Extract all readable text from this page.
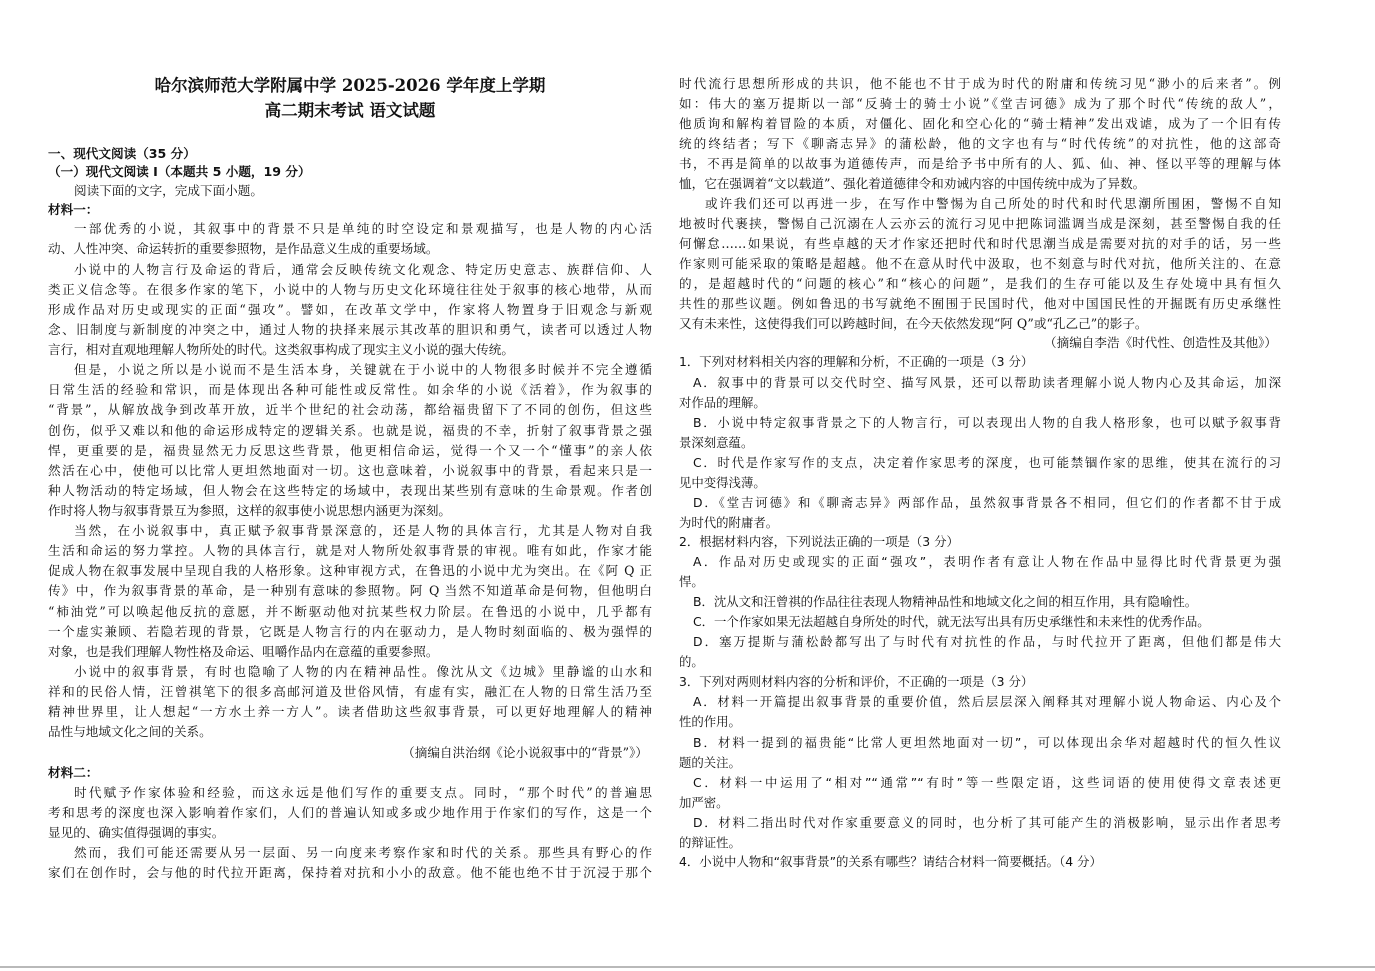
哈尔滨师范大学附属中学 2025-2026 学年度上学期
高二期末考试 语文试题
一、现代文阅读（35 分）
（一）现代文阅读 I（本题共 5 小题，19 分）
阅读下面的文字，完成下面小题。
材料一：
一部优秀的小说，其叙事中的背景不只是单纯的时空设定和景观描写，也是人物的内心活
动、人性冲突、命运转折的重要参照物，是作品意义生成的重要场域。
小说中的人物言行及命运的背后，通常会反映传统文化观念、特定历史意志、族群信仰、人
类正义信念等。在很多作家的笔下，小说中的人物与历史文化环境往往处于叙事的核心地带，从而
形成作品对历史或现实的正面“强攻”。譬如，在改革文学中，作家将人物置身于旧观念与新观
念、旧制度与新制度的冲突之中，通过人物的抉择来展示其改革的胆识和勇气，读者可以透过人物
言行，相对直观地理解人物所处的时代。这类叙事构成了现实主义小说的强大传统。
但是，小说之所以是小说而不是生活本身，关键就在于小说中的人物很多时候并不完全遵循
日常生活的经验和常识，而是体现出各种可能性或反常性。如余华的小说《活着》，作为叙事的
“背景”，从解放战争到改革开放，近半个世纪的社会动荡，都给福贵留下了不同的创伤，但这些
创伤，似乎又难以和他的命运形成特定的逻辑关系。也就是说，福贵的不幸，折射了叙事背景之强
悍，更重要的是，福贵显然无力反思这些背景，他更相信命运，觉得一个又一个“懂事”的亲人依
然活在心中，使他可以比常人更坦然地面对一切。这也意味着，小说叙事中的背景，看起来只是一
种人物活动的特定场域，但人物会在这些特定的场域中，表现出某些别有意味的生命景观。作者创
作时将人物与叙事背景互为参照，这样的叙事使小说思想内涵更为深刻。
当然，在小说叙事中，真正赋予叙事背景深意的，还是人物的具体言行，尤其是人物对自我
生活和命运的努力掌控。人物的具体言行，就是对人物所处叙事背景的审视。唯有如此，作家才能
促成人物在叙事发展中呈现自我的人格形象。这种审视方式，在鲁迅的小说中尤为突出。在《阿 Q 正
传》中，作为叙事背景的革命，是一种别有意味的参照物。阿 Q 当然不知道革命是何物，但他明白
“柿油党”可以唤起他反抗的意愿，并不断驱动他对抗某些权力阶层。在鲁迅的小说中，几乎都有
一个虚实兼顾、若隐若现的背景，它既是人物言行的内在驱动力，是人物时刻面临的、极为强悍的
对象，也是我们理解人物性格及命运、咀嚼作品内在意蕴的重要参照。
小说中的叙事背景，有时也隐喻了人物的内在精神品性。像沈从文《边城》里静谧的山水和
祥和的民俗人情，汪曾祺笔下的很多高邮河道及世俗风情，有虚有实，融汇在人物的日常生活乃至
精神世界里，让人想起“一方水土养一方人”。读者借助这些叙事背景，可以更好地理解人的精神
品性与地域文化之间的关系。
（摘编自洪治纲《论小说叙事中的“背景”》）
材料二：
时代赋予作家体验和经验，而这永远是他们写作的重要支点。同时，“那个时代”的普遍思
考和思考的深度也深入影响着作家们，人们的普遍认知或多或少地作用于作家们的写作，这是一个
显见的、确实值得强调的事实。
然而，我们可能还需要从另一层面、另一向度来考察作家和时代的关系。那些具有野心的作
家们在创作时，会与他的时代拉开距离，保持着对抗和小小的敌意。他不能也绝不甘于沉浸于那个
时代流行思想所形成的共识，他不能也不甘于成为时代的附庸和传统习见“渺小的后来者”。例
如：伟大的塞万提斯以一部“反骑士的骑士小说”《堂吉诃德》成为了那个时代“传统的敌人”，
他质询和解构着冒险的本质，对僵化、固化和空心化的“骑士精神”发出戏谑，成为了一个旧有传
统的终结者；写下《聊斋志异》的蒲松龄，他的文字也有与“时代传统”的对抗性，他的这部奇
书，不再是简单的以故事为道德传声，而是给予书中所有的人、狐、仙、神、怪以平等的理解与体
恤，它在强调着“文以载道”、强化着道德律令和劝诫内容的中国传统中成为了异数。
或许我们还可以再进一步，在写作中警惕为自己所处的时代和时代思潮所围困，警惕不自知
地被时代裹挟，警惕自己沉溺在人云亦云的流行习见中把陈词滥调当成是深刻，甚至警惕自我的任
何懈怠……如果说，有些卓越的天才作家还把时代和时代思潮当成是需要对抗的对手的话，另一些
作家则可能采取的策略是超越。他不在意从时代中汲取，也不刻意与时代对抗，他所关注的、在意
的，是超越时代的“问题的核心”和“核心的问题”，是我们的生存可能以及生存处境中具有恒久
共性的那些议题。例如鲁迅的书写就绝不囿围于民国时代，他对中国国民性的开掘既有历史承继性
又有未来性，这使得我们可以跨越时间，在今天依然发现“阿 Q”或“孔乙己”的影子。
（摘编自李浩《时代性、创造性及其他》）
1．下列对材料相关内容的理解和分析，不正确的一项是（3 分）
A．叙事中的背景可以交代时空、描写风景，还可以帮助读者理解小说人物内心及其命运，加深
对作品的理解。
B．小说中特定叙事背景之下的人物言行，可以表现出人物的自我人格形象，也可以赋予叙事背
景深刻意蕴。
C．时代是作家写作的支点，决定着作家思考的深度，也可能禁锢作家的思维，使其在流行的习
见中变得浅薄。
D．《堂吉诃德》和《聊斋志异》两部作品，虽然叙事背景各不相同，但它们的作者都不甘于成
为时代的附庸者。
2．根据材料内容，下列说法正确的一项是（3 分）
A．作品对历史或现实的正面“强攻”，表明作者有意让人物在作品中显得比时代背景更为强
悍。
B．沈从文和汪曾祺的作品往往表现人物精神品性和地域文化之间的相互作用，具有隐喻性。
C．一个作家如果无法超越自身所处的时代，就无法写出具有历史承继性和未来性的优秀作品。
D．塞万提斯与蒲松龄都写出了与时代有对抗性的作品，与时代拉开了距离，但他们都是伟大
的。
3．下列对两则材料内容的分析和评价，不正确的一项是（3 分）
A．材料一开篇提出叙事背景的重要价值，然后层层深入阐释其对理解小说人物命运、内心及个
性的作用。
B．材料一提到的福贵能“比常人更坦然地面对一切”，可以体现出余华对超越时代的恒久性议
题的关注。
C．材料一中运用了“相对”“通常”“有时”等一些限定语，这些词语的使用使得文章表述更
加严密。
D．材料二指出时代对作家重要意义的同时，也分析了其可能产生的消极影响，显示出作者思考
的辩证性。
4．小说中人物和“叙事背景”的关系有哪些？请结合材料一简要概括。（4 分）
